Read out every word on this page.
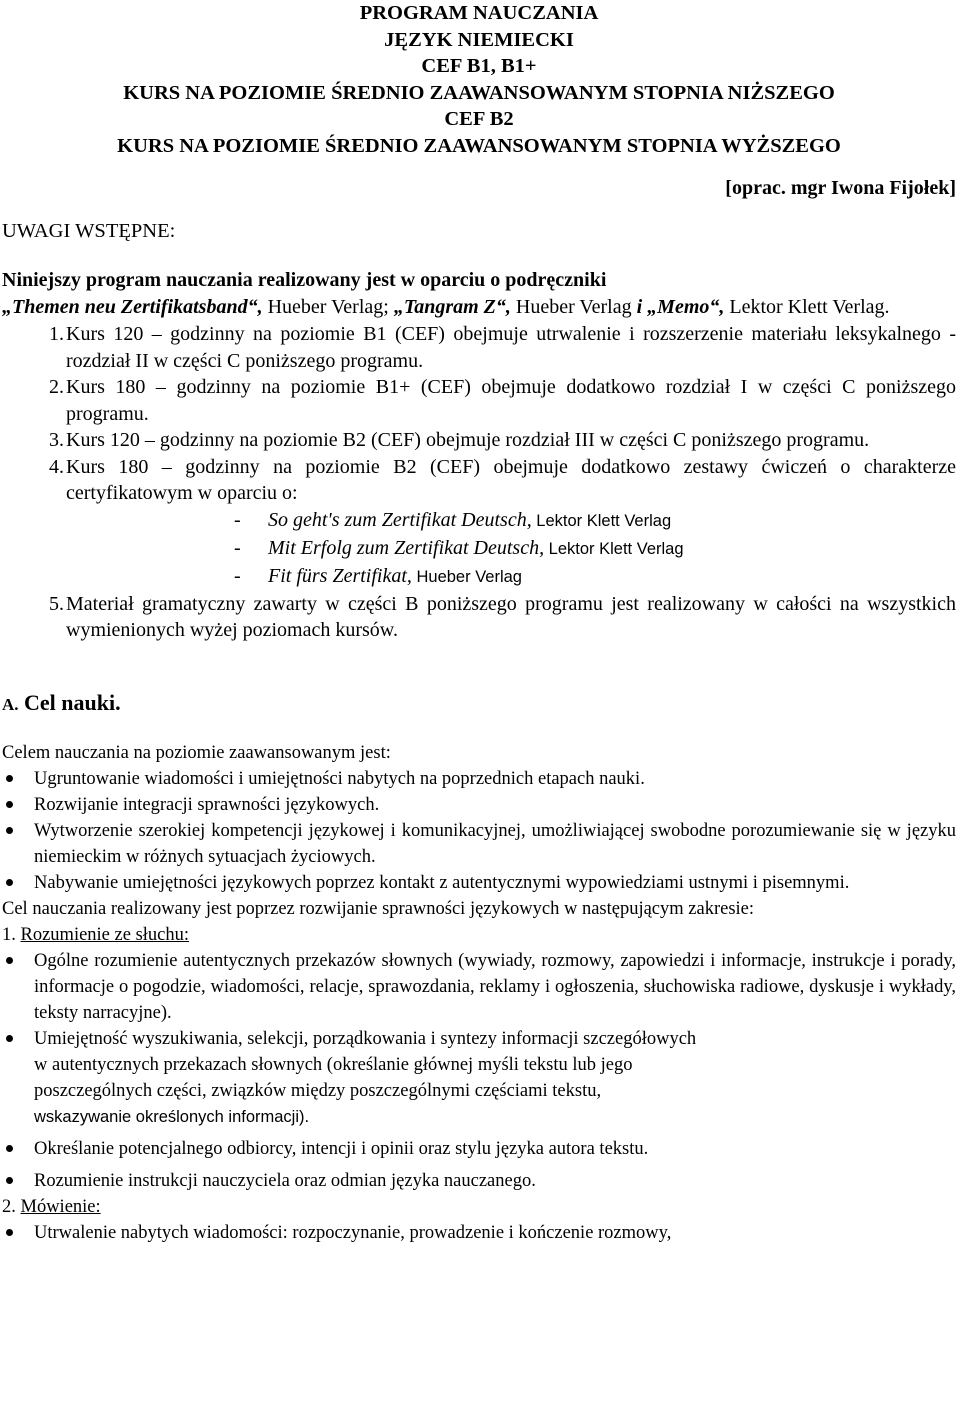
PROGRAM NAUCZANIA
JĘZYK NIEMIECKI
CEF B1, B1+
KURS NA POZIOMIE ŚREDNIO ZAAWANSOWANYM STOPNIA NIŻSZEGO
CEF B2
KURS NA POZIOMIE ŚREDNIO ZAAWANSOWANYM STOPNIA WYŻSZEGO
[oprac. mgr Iwona Fijołek]
UWAGI WSTĘPNE:
Niniejszy program nauczania realizowany jest w oparciu o podręczniki
„Themen neu Zertifikatsband“, Hueber Verlag; „Tangram Z“, Hueber Verlag i „Memo“, Lektor Klett Verlag.
1. Kurs 120 – godzinny na poziomie B1 (CEF) obejmuje utrwalenie i rozszerzenie materiału leksykalnego - rozdział II w części C poniższego programu.
2. Kurs 180 – godzinny na poziomie B1+ (CEF) obejmuje dodatkowo rozdział I w części C poniższego programu.
3. Kurs 120 – godzinny na poziomie B2 (CEF) obejmuje rozdział III w części C poniższego programu.
4. Kurs 180 – godzinny na poziomie B2 (CEF) obejmuje dodatkowo zestawy ćwiczeń o charakterze certyfikatowym w oparciu o:
- So geht's zum Zertifikat Deutsch, Lektor Klett Verlag
- Mit Erfolg zum Zertifikat Deutsch, Lektor Klett Verlag
- Fit fürs Zertifikat, Hueber Verlag
5. Materiał gramatyczny zawarty w części B poniższego programu jest realizowany w całości na wszystkich wymienionych wyżej poziomach kursów.
A. Cel nauki.
Celem nauczania na poziomie zaawansowanym jest:
Ugruntowanie wiadomości i umiejętności nabytych na poprzednich etapach nauki.
Rozwijanie integracji sprawności językowych.
Wytworzenie szerokiej kompetencji językowej i komunikacyjnej, umożliwiającej swobodne porozumiewanie się w języku niemieckim w różnych sytuacjach życiowych.
Nabywanie umiejętności językowych poprzez kontakt z autentycznymi wypowiedziami ustnymi i pisemnymi.
Cel nauczania realizowany jest poprzez rozwijanie sprawności językowych w następującym zakresie:
1. Rozumienie ze słuchu:
Ogólne rozumienie autentycznych przekazów słownych (wywiady, rozmowy, zapowiedzi i informacje, instrukcje i porady, informacje o pogodzie, wiadomości, relacje, sprawozdania, reklamy i ogłoszenia, słuchowiska radiowe, dyskusje i wykłady, teksty narracyjne).
Umiejętność wyszukiwania, selekcji, porządkowania i syntezy informacji szczegółowych
w autentycznych przekazach słownych (określanie głównej myśli tekstu lub jego
poszczególnych części, związków między poszczególnymi częściami tekstu,
wskazywanie określonych informacji).
Określanie potencjalnego odbiorcy, intencji i opinii oraz stylu języka autora tekstu.
Rozumienie instrukcji nauczyciela oraz odmian języka nauczanego.
2. Mówienie:
Utrwalenie nabytych wiadomości: rozpoczynanie, prowadzenie i kończenie rozmowy,
